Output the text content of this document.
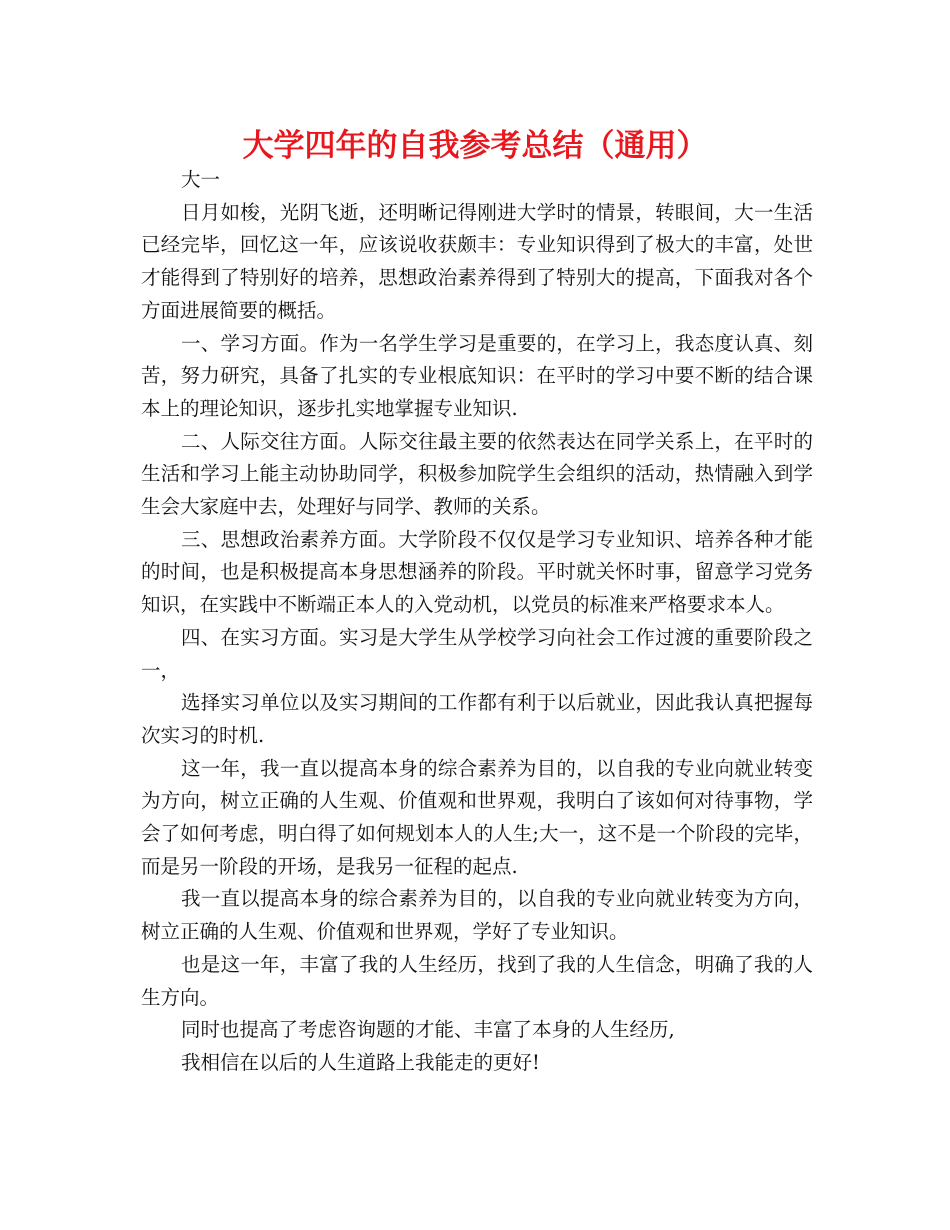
大学四年的自我参考总结（通用）

大一

日月如梭，光阴飞逝，还明晰记得刚进大学时的情景，转眼间，大一生活已经完毕，回忆这一年，应该说收获颇丰：专业知识得到了极大的丰富，处世才能得到了特别好的培养，思想政治素养得到了特别大的提高，下面我对各个方面进展简要的概括。

一、学习方面。作为一名学生学习是重要的，在学习上，我态度认真、刻苦，努力研究，具备了扎实的专业根底知识：在平时的学习中要不断的结合课本上的理论知识，逐步扎实地掌握专业知识.

二、人际交往方面。人际交往最主要的依然表达在同学关系上，在平时的生活和学习上能主动协助同学，积极参加院学生会组织的活动，热情融入到学生会大家庭中去，处理好与同学、教师的关系。

三、思想政治素养方面。大学阶段不仅仅是学习专业知识、培养各种才能的时间，也是积极提高本身思想涵养的阶段。平时就关怀时事，留意学习党务知识，在实践中不断端正本人的入党动机，以党员的标准来严格要求本人。

四、在实习方面。实习是大学生从学校学习向社会工作过渡的重要阶段之一，

选择实习单位以及实习期间的工作都有利于以后就业，因此我认真把握每次实习的时机.

这一年，我一直以提高本身的综合素养为目的，以自我的专业向就业转变为方向，树立正确的人生观、价值观和世界观，我明白了该如何对待事物，学会了如何考虑，明白得了如何规划本人的人生;大一，这不是一个阶段的完毕，而是另一阶段的开场，是我另一征程的起点.

我一直以提高本身的综合素养为目的，以自我的专业向就业转变为方向，树立正确的人生观、价值观和世界观，学好了专业知识。

也是这一年，丰富了我的人生经历，找到了我的人生信念，明确了我的人生方向。

同时也提高了考虑咨询题的才能、丰富了本身的人生经历,

我相信在以后的人生道路上我能走的更好!
